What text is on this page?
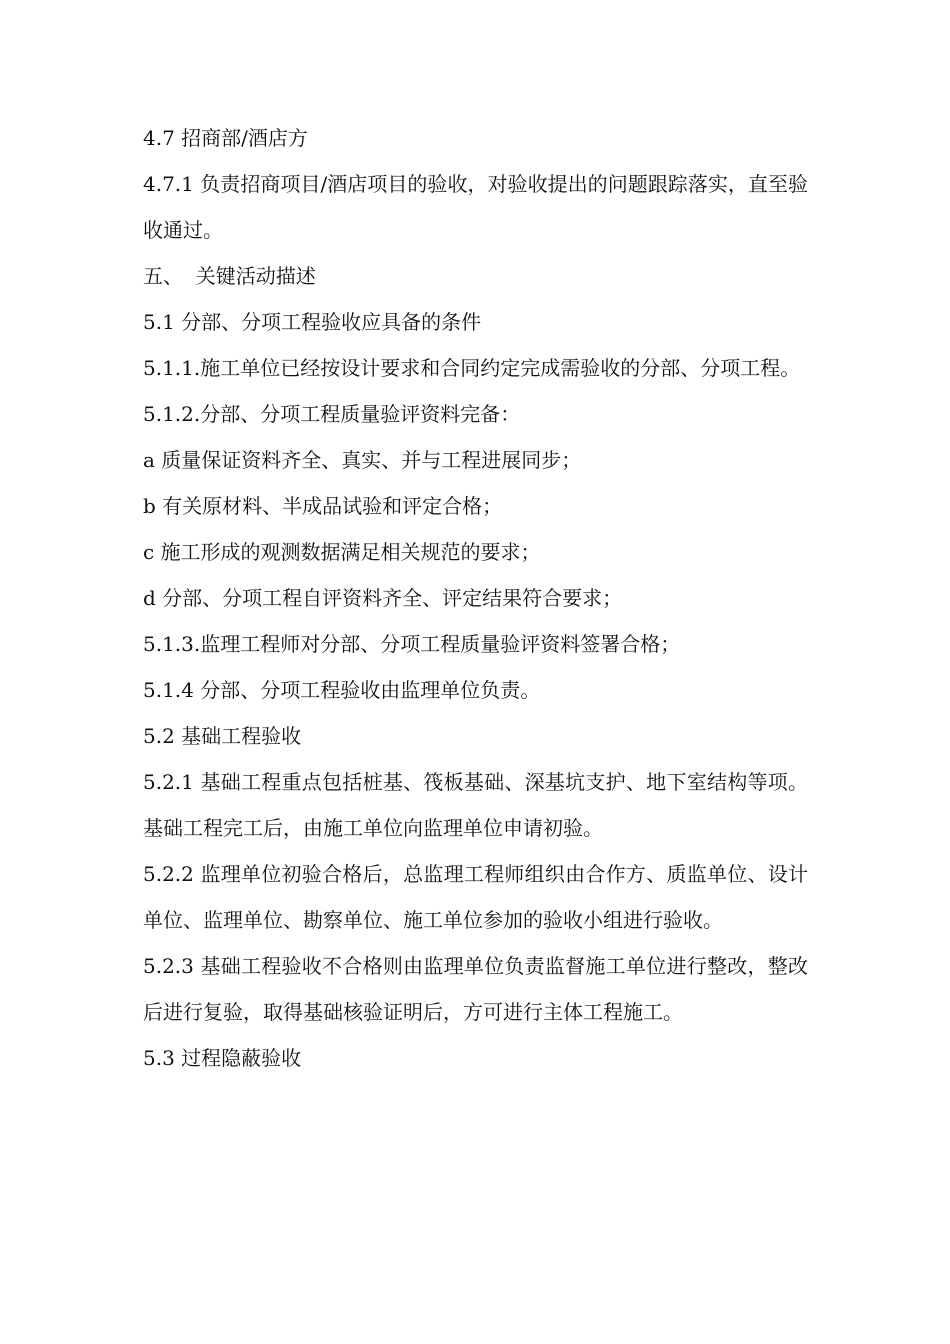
4.7 招商部/酒店方

4.7.1 负责招商项目/酒店项目的验收，对验收提出的问题跟踪落实，直至验收通过。

五、  关键活动描述

5.1 分部、分项工程验收应具备的条件

5.1.1.施工单位已经按设计要求和合同约定完成需验收的分部、分项工程。

5.1.2.分部、分项工程质量验评资料完备：

a 质量保证资料齐全、真实、并与工程进展同步；

b 有关原材料、半成品试验和评定合格；

c 施工形成的观测数据满足相关规范的要求；

d 分部、分项工程自评资料齐全、评定结果符合要求；

5.1.3.监理工程师对分部、分项工程质量验评资料签署合格；

5.1.4 分部、分项工程验收由监理单位负责。

5.2 基础工程验收

5.2.1 基础工程重点包括桩基、筏板基础、深基坑支护、地下室结构等项。基础工程完工后，由施工单位向监理单位申请初验。

5.2.2 监理单位初验合格后，总监理工程师组织由合作方、质监单位、设计单位、监理单位、勘察单位、施工单位参加的验收小组进行验收。

5.2.3 基础工程验收不合格则由监理单位负责监督施工单位进行整改，整改后进行复验，取得基础核验证明后，方可进行主体工程施工。

5.3 过程隐蔽验收
